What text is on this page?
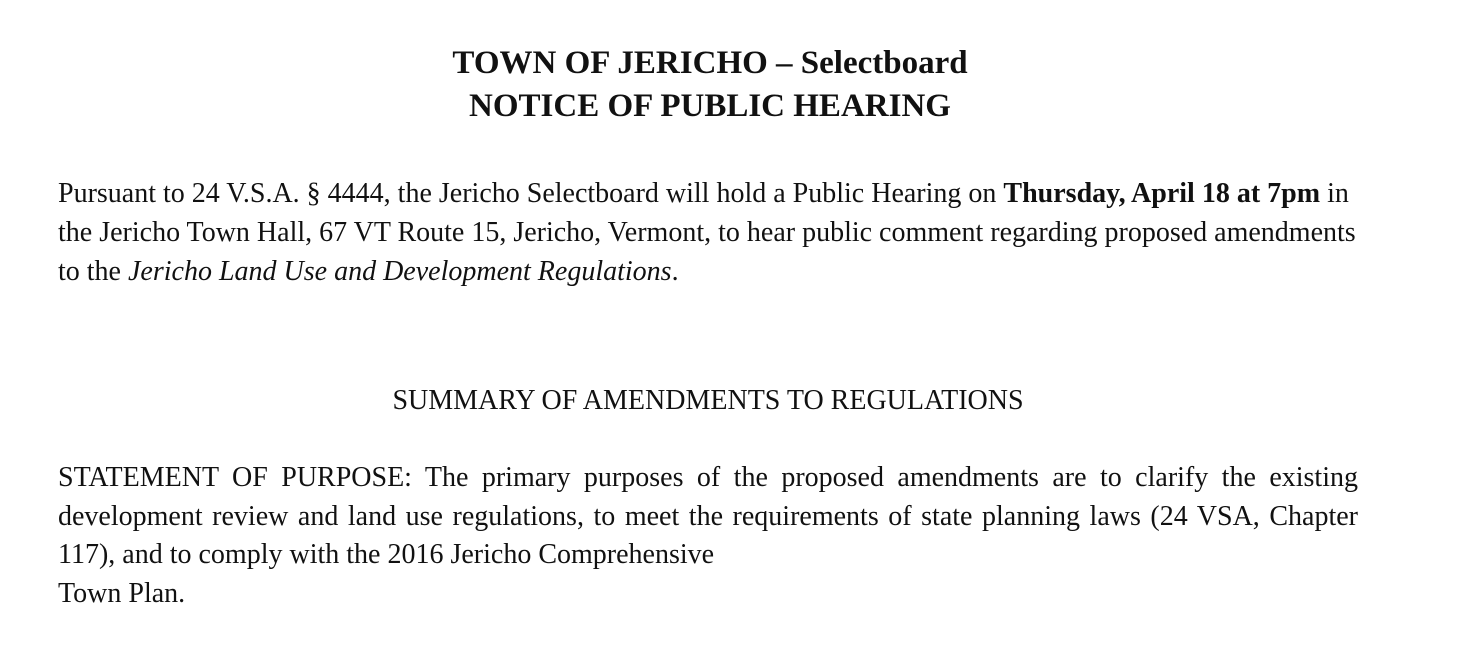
TOWN OF JERICHO – Selectboard
NOTICE OF PUBLIC HEARING

Pursuant to 24 V.S.A. § 4444, the Jericho Selectboard will hold a Public Hearing on Thursday, April 18 at 7pm in the Jericho Town Hall, 67 VT Route 15, Jericho, Vermont, to hear public comment regarding proposed amendments to the Jericho Land Use and Development Regulations.

SUMMARY OF AMENDMENTS TO REGULATIONS

STATEMENT OF PURPOSE: The primary purposes of the proposed amendments are to clarify the existing development review and land use regulations, to meet the requirements of state planning laws (24 VSA, Chapter 117), and to comply with the 2016 Jericho Comprehensive
Town Plan.
